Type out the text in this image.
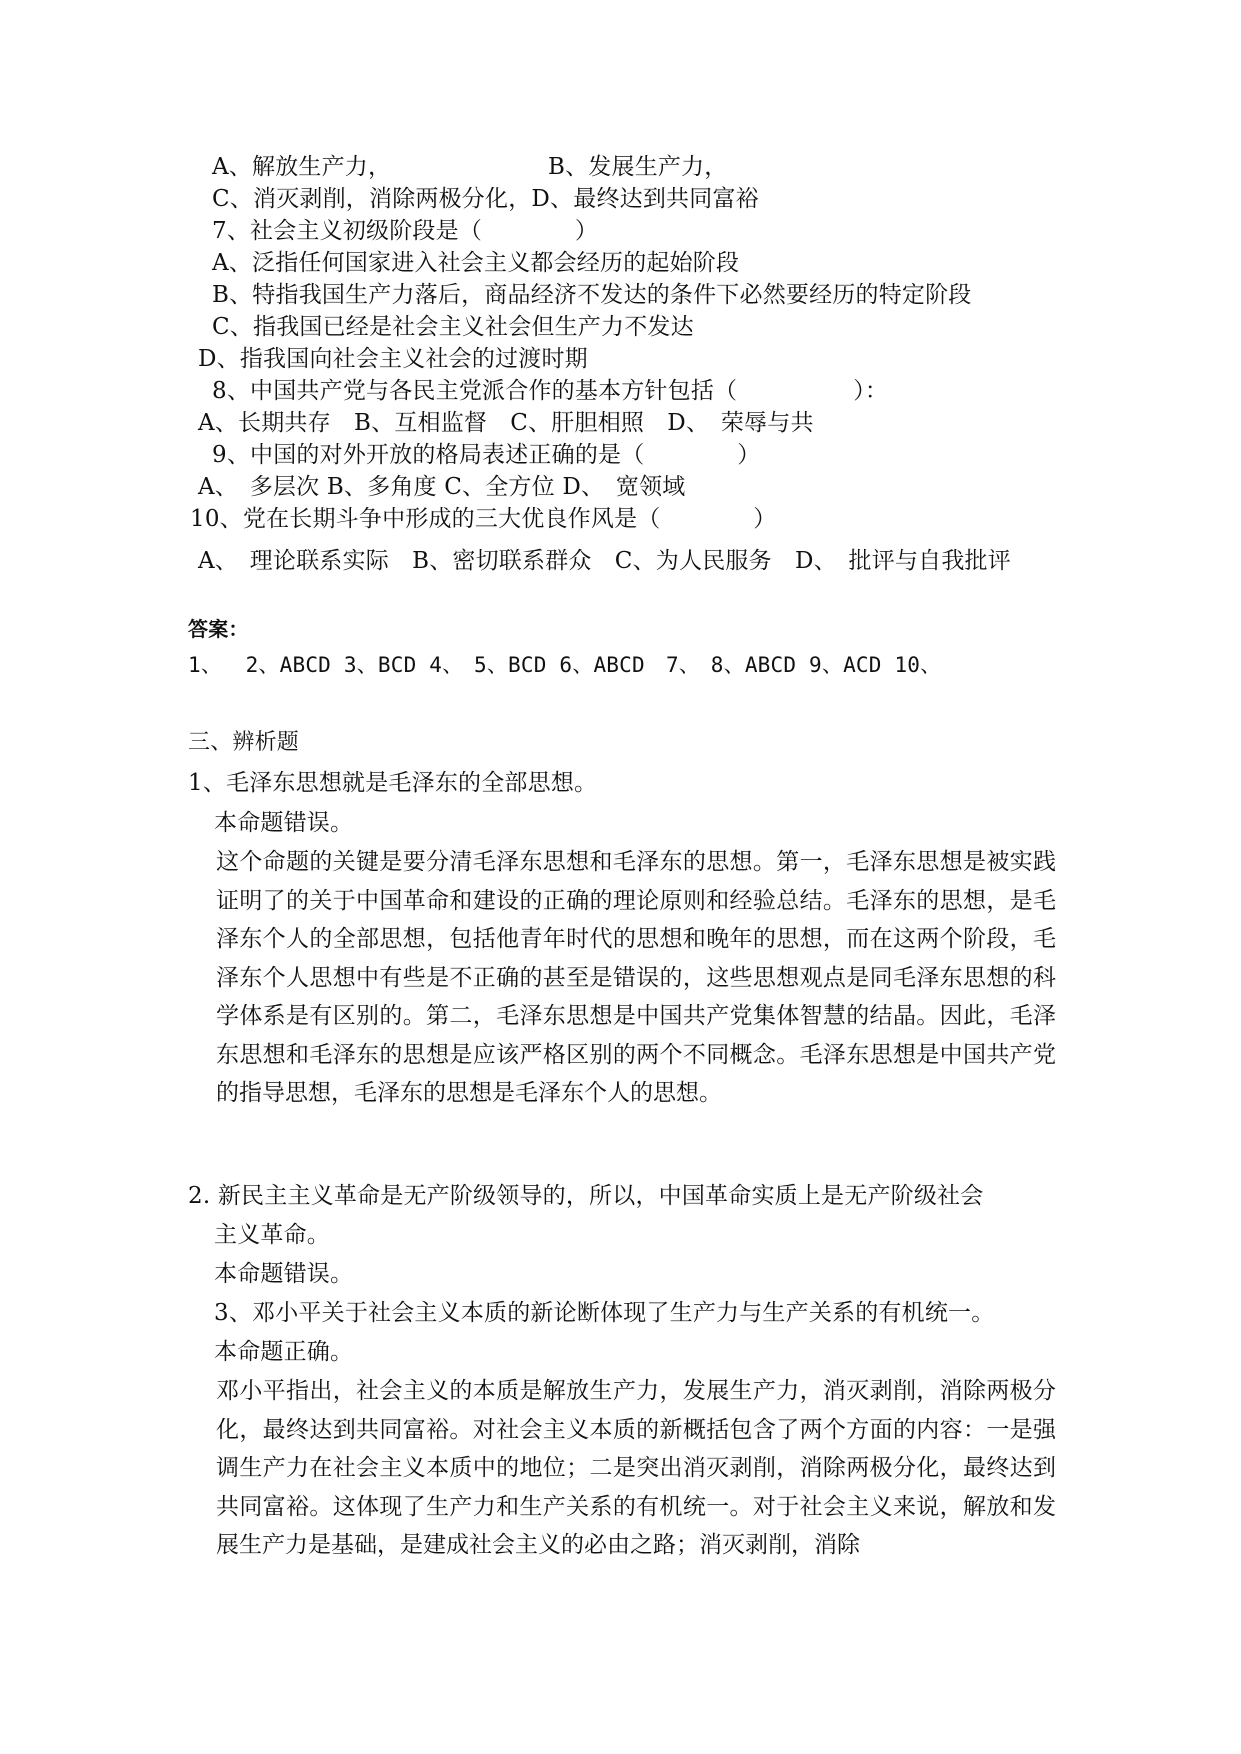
A、解放生产力，	B、发展生产力，
C、消灭剥削，消除两极分化，D、最终达到共同富裕
7、社会主义初级阶段是（　　　　）
A、泛指任何国家进入社会主义都会经历的起始阶段
B、特指我国生产力落后，商品经济不发达的条件下必然要经历的特定阶段
C、指我国已经是社会主义社会但生产力不发达
D、指我国向社会主义社会的过渡时期
8、中国共产党与各民主党派合作的基本方针包括（　　　　　）：
A、长期共存　B、互相监督　C、肝胆相照　D、　荣辱与共
9、中国的对外开放的格局表述正确的是（　　　　）
A、　多层次 B、多角度 C、全方位 D、　宽领域
10、党在长期斗争中形成的三大优良作风是（　　　　）
A、　理论联系实际　B、密切联系群众　C、为人民服务　D、　批评与自我批评
答案：
1、　 2、ABCD 3、BCD 4、　5、BCD 6、ABCD　7、　8、ABCD 9、ACD 10、
三、辨析题
1、毛泽东思想就是毛泽东的全部思想。
本命题错误。
这个命题的关键是要分清毛泽东思想和毛泽东的思想。第一，毛泽东思想是被实践证明了的关于中国革命和建设的正确的理论原则和经验总结。毛泽东的思想，是毛泽东个人的全部思想，包括他青年时代的思想和晚年的思想，而在这两个阶段，毛泽东个人思想中有些是不正确的甚至是错误的，这些思想观点是同毛泽东思想的科学体系是有区别的。第二，毛泽东思想是中国共产党集体智慧的结晶。因此，毛泽东思想和毛泽东的思想是应该严格区别的两个不同概念。毛泽东思想是中国共产党的指导思想，毛泽东的思想是毛泽东个人的思想。
2. 新民主主义革命是无产阶级领导的，所以，中国革命实质上是无产阶级社会
主义革命。
本命题错误。
3、邓小平关于社会主义本质的新论断体现了生产力与生产关系的有机统一。
本命题正确。
邓小平指出，社会主义的本质是解放生产力，发展生产力，消灭剥削，消除两极分化，最终达到共同富裕。对社会主义本质的新概括包含了两个方面的内容：一是强调生产力在社会主义本质中的地位；二是突出消灭剥削，消除两极分化，最终达到共同富裕。这体现了生产力和生产关系的有机统一。对于社会主义来说，解放和发展生产力是基础，是建成社会主义的必由之路；消灭剥削，消除
